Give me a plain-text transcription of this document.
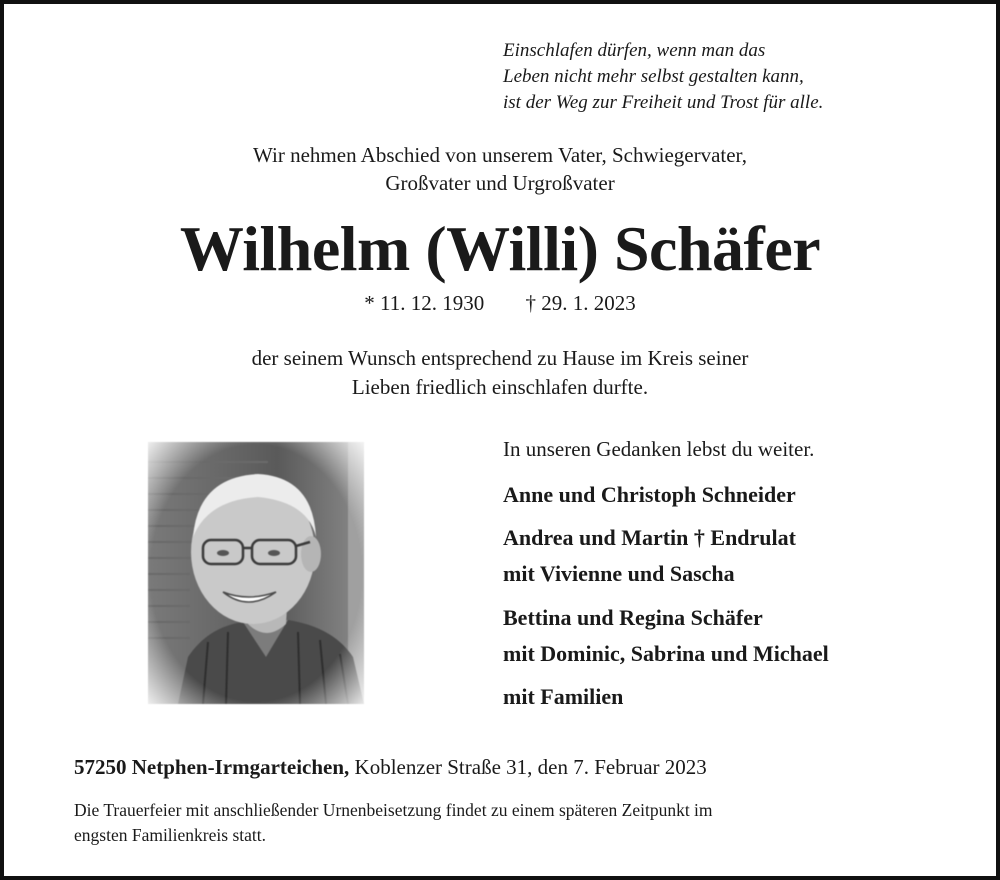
Einschlafen dürfen, wenn man das
Leben nicht mehr selbst gestalten kann,
ist der Weg zur Freiheit und Trost für alle.
Wir nehmen Abschied von unserem Vater, Schwiegervater,
Großvater und Urgroßvater
Wilhelm (Willi) Schäfer
* 11. 12. 1930 † 29. 1. 2023
der seinem Wunsch entsprechend zu Hause im Kreis seiner
Lieben friedlich einschlafen durfte.
In unseren Gedanken lebst du weiter.
Anne und Christoph Schneider
Andrea und Martin † Endrulat
mit Vivienne und Sascha
Bettina und Regina Schäfer
mit Dominic, Sabrina und Michael
mit Familien
57250 Netphen-Irmgarteichen, Koblenzer Straße 31, den 7. Februar 2023
Die Trauerfeier mit anschließender Urnenbeisetzung findet zu einem späteren Zeitpunkt im
engsten Familienkreis statt.
